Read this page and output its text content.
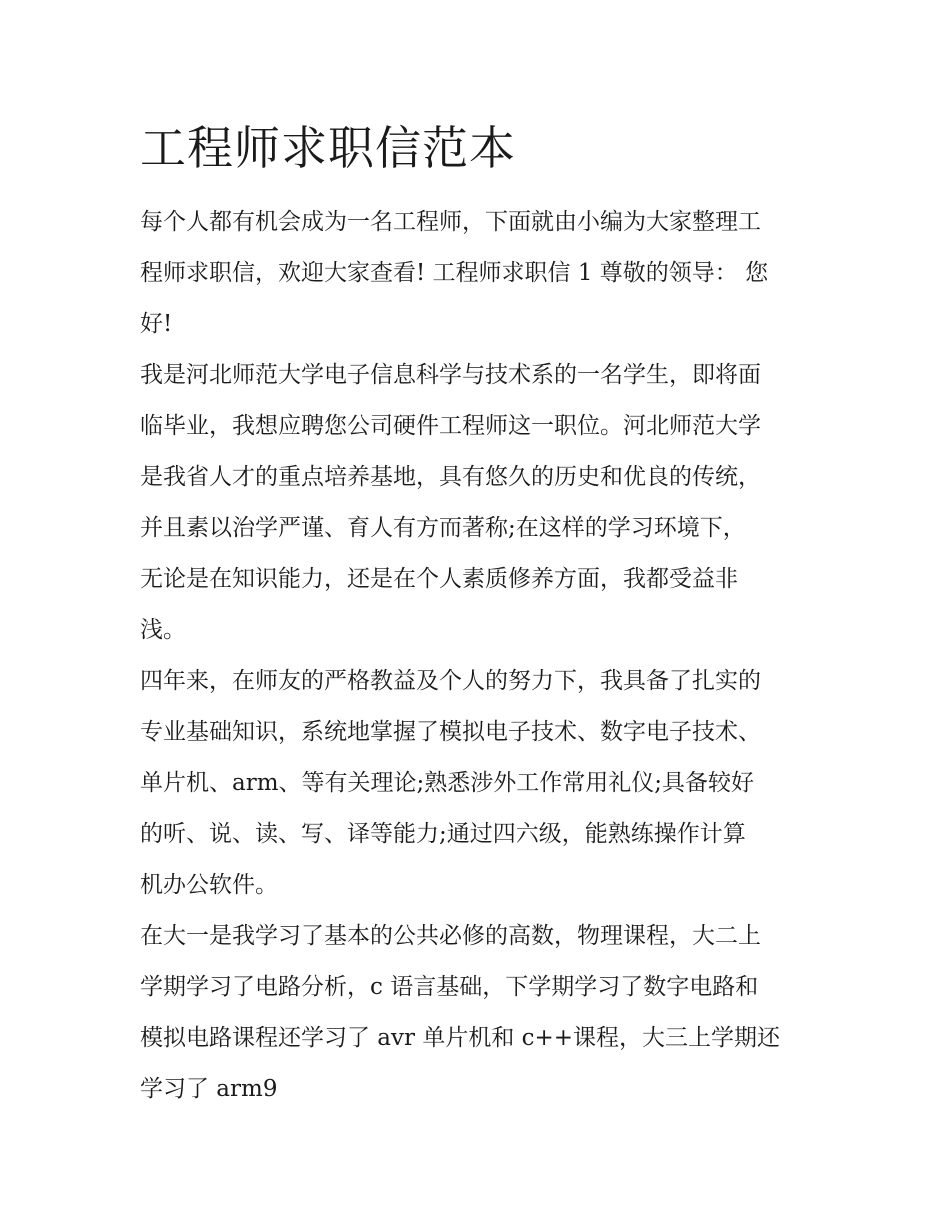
工程师求职信范本
每个人都有机会成为一名工程师，下面就由小编为大家整理工
程师求职信，欢迎大家查看! 工程师求职信 1 尊敬的领导： 您
好!
我是河北师范大学电子信息科学与技术系的一名学生，即将面
临毕业，我想应聘您公司硬件工程师这一职位。河北师范大学
是我省人才的重点培养基地，具有悠久的历史和优良的传统，
并且素以治学严谨、育人有方而著称;在这样的学习环境下，
无论是在知识能力，还是在个人素质修养方面，我都受益非
浅。
四年来，在师友的严格教益及个人的努力下，我具备了扎实的
专业基础知识，系统地掌握了模拟电子技术、数字电子技术、
单片机、arm、等有关理论;熟悉涉外工作常用礼仪;具备较好
的听、说、读、写、译等能力;通过四六级，能熟练操作计算
机办公软件。
在大一是我学习了基本的公共必修的高数，物理课程，大二上
学期学习了电路分析，c 语言基础，下学期学习了数字电路和
模拟电路课程还学习了 avr 单片机和 c++课程，大三上学期还
学习了 arm9
